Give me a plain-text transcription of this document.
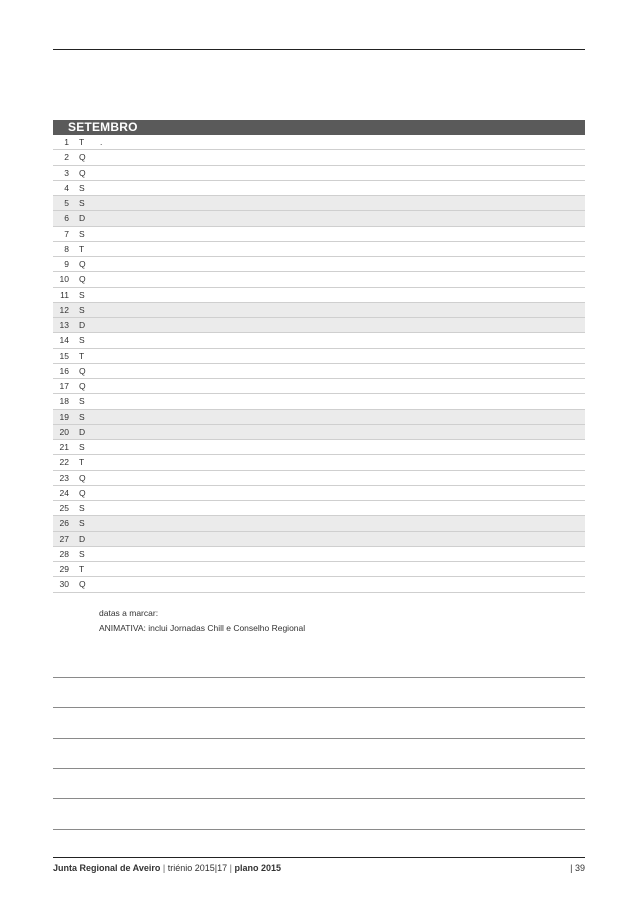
SETEMBRO
1 T .
2 Q
3 Q
4 S
5 S
6 D
7 S
8 T
9 Q
10 Q
11 S
12 S
13 D
14 S
15 T
16 Q
17 Q
18 S
19 S
20 D
21 S
22 T
23 Q
24 Q
25 S
26 S
27 D
28 S
29 T
30 Q
datas a marcar:
ANIMATIVA: inclui Jornadas Chill e Conselho Regional
Junta Regional de Aveiro | triénio 2015|17 | plano 2015	| 39
